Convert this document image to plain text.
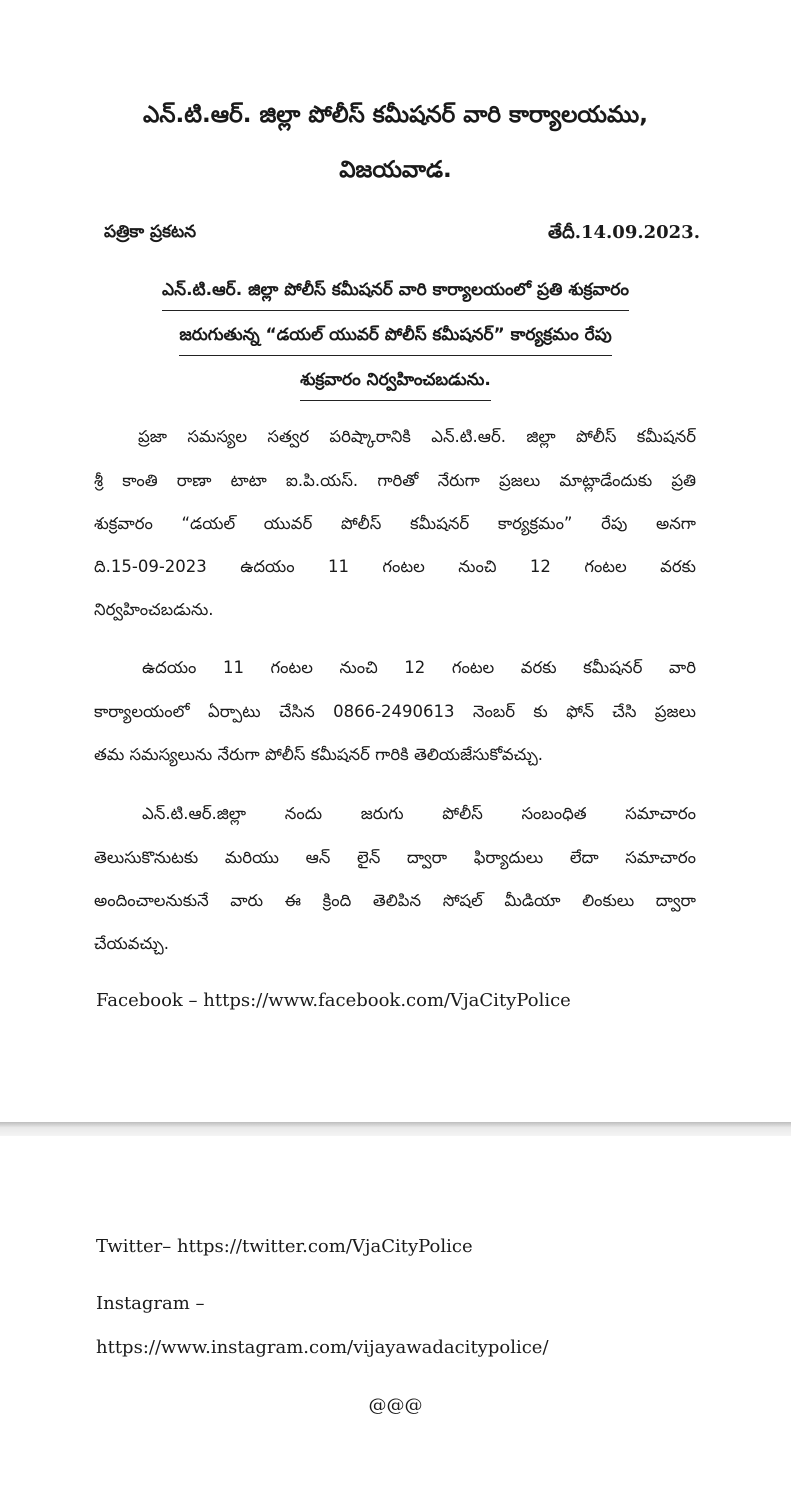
ఎన్.టి.ఆర్. జిల్లా పోలీస్ కమీషనర్ వారి కార్యాలయము,
విజయవాడ.
పత్రికా ప్రకటన	తేదీ.14.09.2023.
ఎన్.టి.ఆర్. జిల్లా పోలీస్ కమీషనర్ వారి కార్యాలయంలో ప్రతి శుక్రవారం
జరుగుతున్న “డయల్ యువర్ పోలీస్ కమీషనర్” కార్యక్రమం రేపు
శుక్రవారం నిర్వహించబడును.
ప్రజా సమస్యల సత్వర పరిష్కారానికి ఎన్.టి.ఆర్. జిల్లా పోలీస్ కమీషనర్
శ్రీ కాంతి రాణా టాటా ఐ.పి.యస్. గారితో నేరుగా ప్రజలు మాట్లాడేందుకు ప్రతి
శుక్రవారం “డయల్ యువర్ పోలీస్ కమీషనర్ కార్యక్రమం” రేపు అనగా
ది.15-09-2023 ఉదయం 11 గంటల నుంచి 12 గంటల వరకు
నిర్వహించబడును.
ఉదయం 11 గంటల నుంచి 12 గంటల వరకు కమీషనర్ వారి
కార్యాలయంలో ఏర్పాటు చేసిన 0866-2490613 నెంబర్ కు ఫోన్ చేసి ప్రజలు
తమ సమస్యలును నేరుగా పోలీస్ కమీషనర్ గారికి తెలియజేసుకోవచ్చు.
ఎన్.టి.ఆర్.జిల్లా నందు జరుగు పోలీస్ సంబంధిత సమాచారం
తెలుసుకొనుటకు మరియు ఆన్ లైన్ ద్వారా ఫిర్యాదులు లేదా సమాచారం
అందించాలనుకునే వారు ఈ క్రింది తెలిపిన సోషల్ మీడియా లింకులు ద్వారా
చేయవచ్చు.
Facebook – https://www.facebook.com/VjaCityPolice
Twitter– https://twitter.com/VjaCityPolice
Instagram –
https://www.instagram.com/vijayawadacitypolice/
@@@
